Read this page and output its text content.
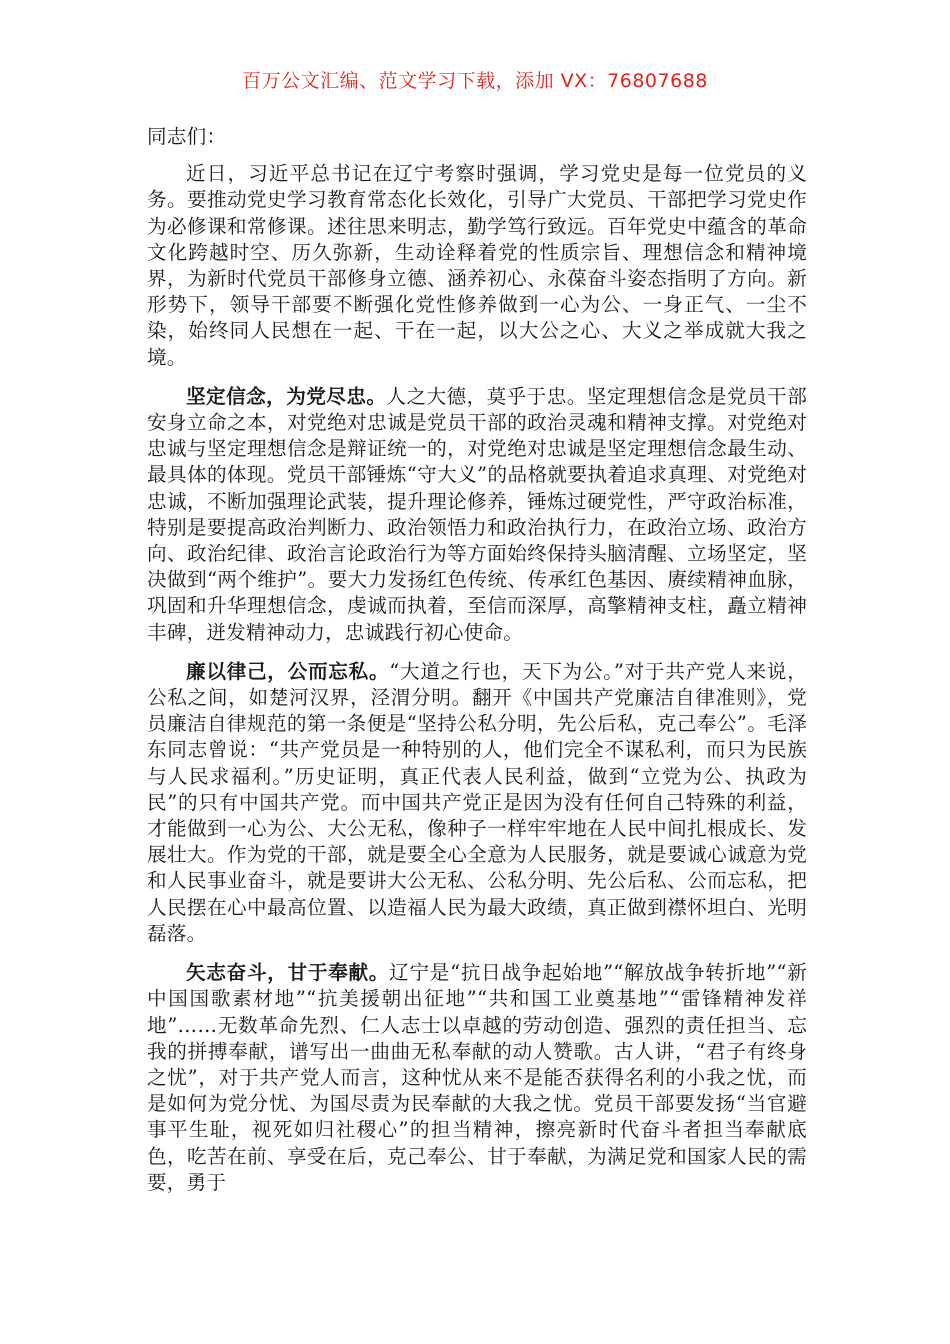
百万公文汇编、范文学习下载，添加 VX：76807688

同志们：

近日，习近平总书记在辽宁考察时强调，学习党史是每一位党员的义务。要推动党史学习教育常态化长效化，引导广大党员、干部把学习党史作为必修课和常修课。述往思来明志，勤学笃行致远。百年党史中蕴含的革命文化跨越时空、历久弥新，生动诠释着党的性质宗旨、理想信念和精神境界，为新时代党员干部修身立德、涵养初心、永葆奋斗姿态指明了方向。新形势下，领导干部要不断强化党性修养做到一心为公、一身正气、一尘不染，始终同人民想在一起、干在一起，以大公之心、大义之举成就大我之境。

坚定信念，为党尽忠。人之大德，莫乎于忠。坚定理想信念是党员干部安身立命之本，对党绝对忠诚是党员干部的政治灵魂和精神支撑。对党绝对忠诚与坚定理想信念是辩证统一的，对党绝对忠诚是坚定理想信念最生动、最具体的体现。党员干部锤炼“守大义”的品格就要执着追求真理、对党绝对忠诚，不断加强理论武装，提升理论修养，锤炼过硬党性，严守政治标准，特别是要提高政治判断力、政治领悟力和政治执行力，在政治立场、政治方向、政治纪律、政治言论政治行为等方面始终保持头脑清醒、立场坚定，坚决做到“两个维护”。要大力发扬红色传统、传承红色基因、赓续精神血脉，巩固和升华理想信念，虔诚而执着，至信而深厚，高擎精神支柱，矗立精神丰碑，迸发精神动力，忠诚践行初心使命。

廉以律己，公而忘私。“大道之行也，天下为公。”对于共产党人来说，公私之间，如楚河汉界，泾渭分明。翻开《中国共产党廉洁自律准则》，党员廉洁自律规范的第一条便是“坚持公私分明，先公后私，克己奉公”。毛泽东同志曾说：“共产党员是一种特别的人，他们完全不谋私利，而只为民族与人民求福利。”历史证明，真正代表人民利益，做到“立党为公、执政为民”的只有中国共产党。而中国共产党正是因为没有任何自己特殊的利益，才能做到一心为公、大公无私，像种子一样牢牢地在人民中间扎根成长、发展壮大。作为党的干部，就是要全心全意为人民服务，就是要诚心诚意为党和人民事业奋斗，就是要讲大公无私、公私分明、先公后私、公而忘私，把人民摆在心中最高位置、以造福人民为最大政绩，真正做到襟怀坦白、光明磊落。

矢志奋斗，甘于奉献。辽宁是“抗日战争起始地”“解放战争转折地”“新中国国歌素材地”“抗美援朝出征地”“共和国工业奠基地”“雷锋精神发祥地”……无数革命先烈、仁人志士以卓越的劳动创造、强烈的责任担当、忘我的拼搏奉献，谱写出一曲曲无私奉献的动人赞歌。古人讲，“君子有终身之忧”，对于共产党人而言，这种忧从来不是能否获得名利的小我之忧，而是如何为党分忧、为国尽责为民奉献的大我之忧。党员干部要发扬“当官避事平生耻，视死如归社稷心”的担当精神，擦亮新时代奋斗者担当奉献底色，吃苦在前、享受在后，克己奉公、甘于奉献，为满足党和国家人民的需要，勇于
